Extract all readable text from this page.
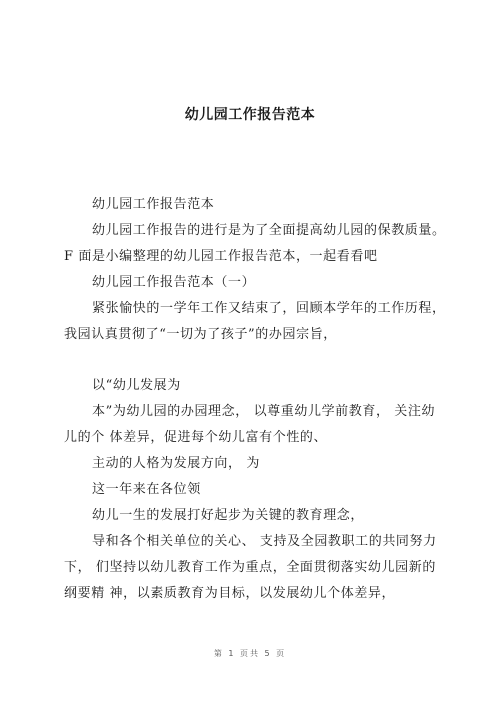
幼儿园工作报告范本
幼儿园工作报告范本
幼儿园工作报告的进行是为了全面提高幼儿园的保教质量。
F 面是小编整理的幼儿园工作报告范本，一起看看吧
幼儿园工作报告范本（一）
紧张愉快的一学年工作又结束了，回顾本学年的工作历程，
我园认真贯彻了“一切为了孩子”的办园宗旨，
以“幼儿发展为
本”为幼儿园的办园理念， 以尊重幼儿学前教育， 关注幼
儿的个 体差异，促进每个幼儿富有个性的、
主动的人格为发展方向， 为
这一年来在各位领
幼儿一生的发展打好起步为关键的教育理念，
导和各个相关单位的关心、 支持及全园教职工的共同努力
下， 们坚持以幼儿教育工作为重点，全面贯彻落实幼儿园新的
纲要精 神，以素质教育为目标，以发展幼儿个体差异，
第 1 页共 5 页
